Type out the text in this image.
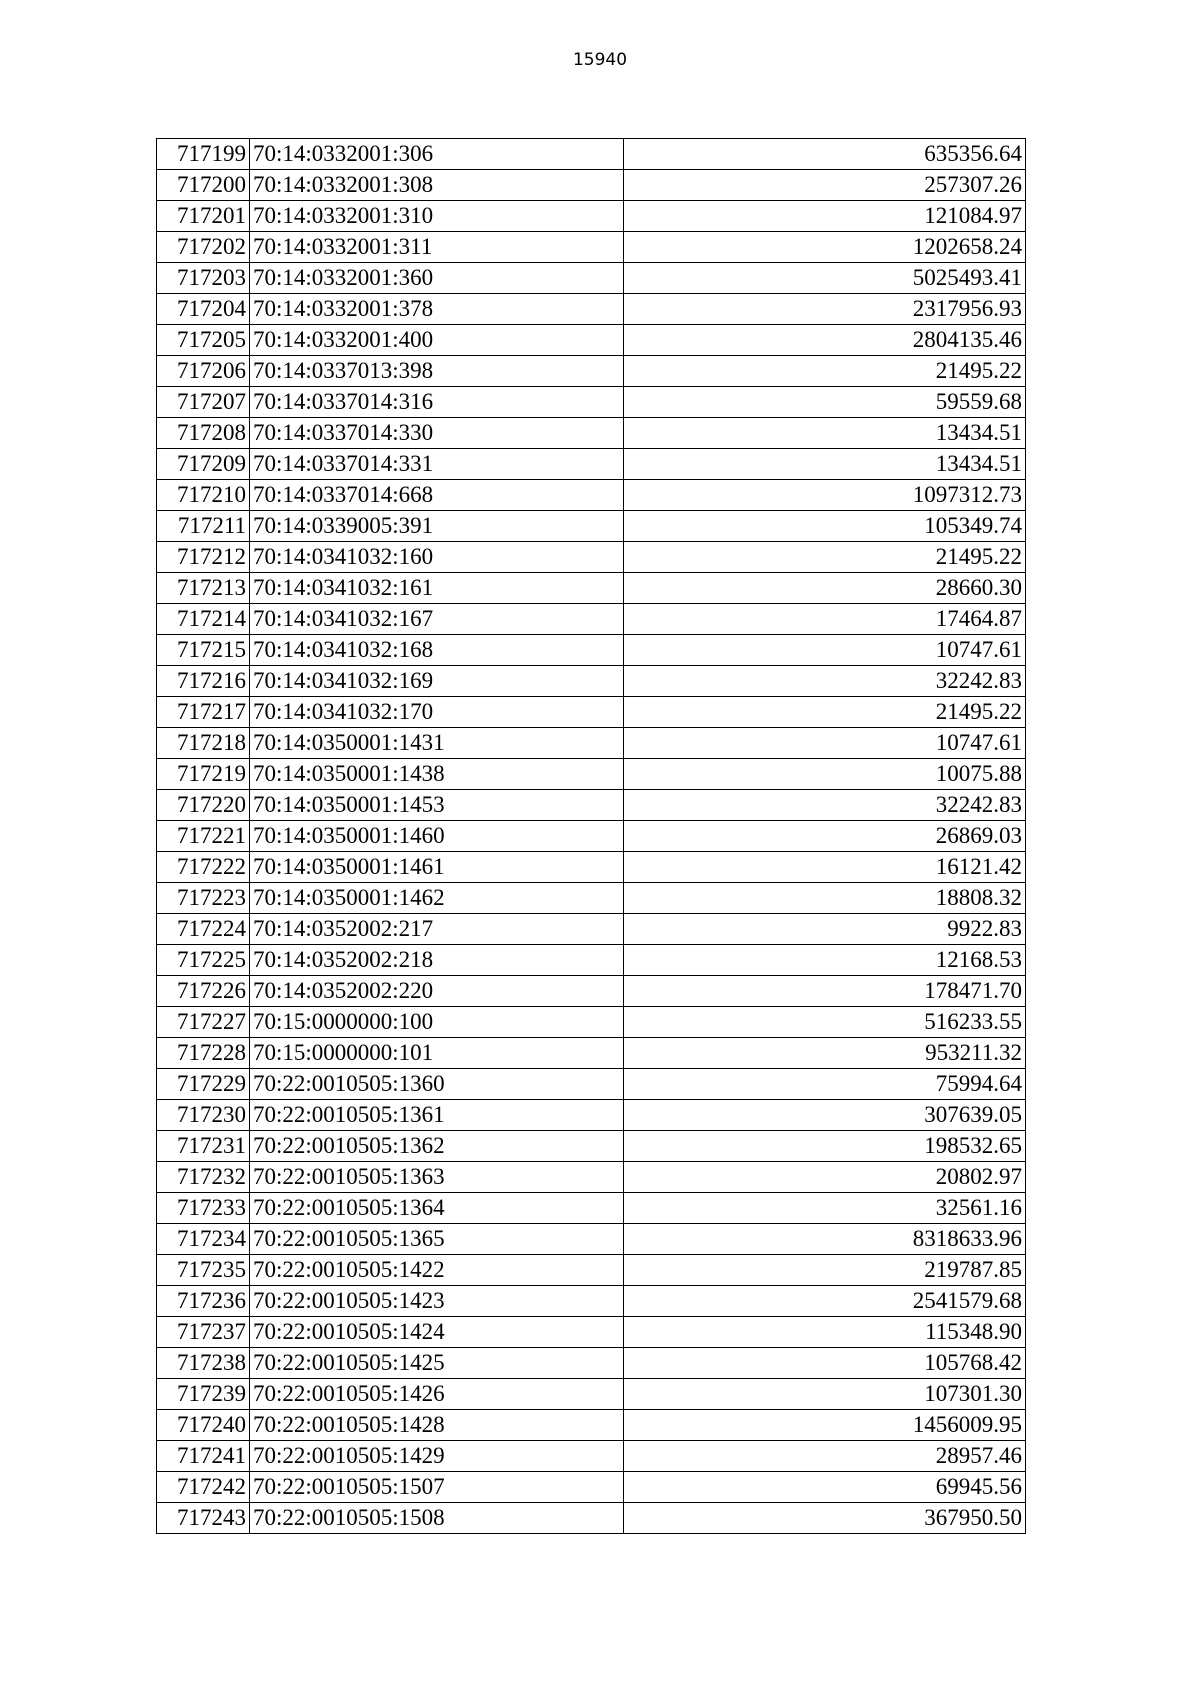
15940
717199	70:14:0332001:306	635356.64
717200	70:14:0332001:308	257307.26
717201	70:14:0332001:310	121084.97
717202	70:14:0332001:311	1202658.24
717203	70:14:0332001:360	5025493.41
717204	70:14:0332001:378	2317956.93
717205	70:14:0332001:400	2804135.46
717206	70:14:0337013:398	21495.22
717207	70:14:0337014:316	59559.68
717208	70:14:0337014:330	13434.51
717209	70:14:0337014:331	13434.51
717210	70:14:0337014:668	1097312.73
717211	70:14:0339005:391	105349.74
717212	70:14:0341032:160	21495.22
717213	70:14:0341032:161	28660.30
717214	70:14:0341032:167	17464.87
717215	70:14:0341032:168	10747.61
717216	70:14:0341032:169	32242.83
717217	70:14:0341032:170	21495.22
717218	70:14:0350001:1431	10747.61
717219	70:14:0350001:1438	10075.88
717220	70:14:0350001:1453	32242.83
717221	70:14:0350001:1460	26869.03
717222	70:14:0350001:1461	16121.42
717223	70:14:0350001:1462	18808.32
717224	70:14:0352002:217	9922.83
717225	70:14:0352002:218	12168.53
717226	70:14:0352002:220	178471.70
717227	70:15:0000000:100	516233.55
717228	70:15:0000000:101	953211.32
717229	70:22:0010505:1360	75994.64
717230	70:22:0010505:1361	307639.05
717231	70:22:0010505:1362	198532.65
717232	70:22:0010505:1363	20802.97
717233	70:22:0010505:1364	32561.16
717234	70:22:0010505:1365	8318633.96
717235	70:22:0010505:1422	219787.85
717236	70:22:0010505:1423	2541579.68
717237	70:22:0010505:1424	115348.90
717238	70:22:0010505:1425	105768.42
717239	70:22:0010505:1426	107301.30
717240	70:22:0010505:1428	1456009.95
717241	70:22:0010505:1429	28957.46
717242	70:22:0010505:1507	69945.56
717243	70:22:0010505:1508	367950.50
